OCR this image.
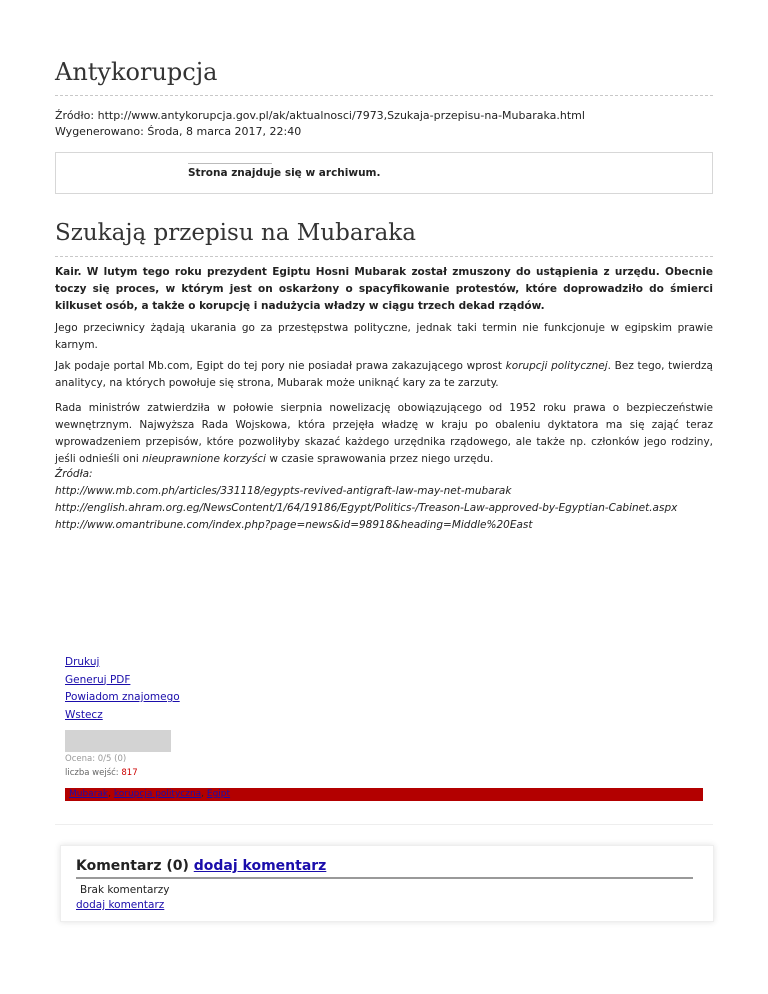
Antykorupcja
Źródło: http://www.antykorupcja.gov.pl/ak/aktualnosci/7973,Szukaja-przepisu-na-Mubaraka.html
Wygenerowano: Środa, 8 marca 2017, 22:40
Strona znajduje się w archiwum.
Szukają przepisu na Mubaraka
Kair. W lutym tego roku prezydent Egiptu Hosni Mubarak został zmuszony do ustąpienia z urzędu. Obecnie toczy się proces, w którym jest on oskarżony o spacyfikowanie protestów, które doprowadziło do śmierci kilkuset osób, a także o korupcję i nadużycia władzy w ciągu trzech dekad rządów.
Jego przeciwnicy żądają ukarania go za przestępstwa polityczne, jednak taki termin nie funkcjonuje w egipskim prawie karnym.
Jak podaje portal Mb.com, Egipt do tej pory nie posiadał prawa zakazującego wprost korupcji politycznej. Bez tego, twierdzą analitycy, na których powołuje się strona, Mubarak może uniknąć kary za te zarzuty.
Rada ministrów zatwierdziła w połowie sierpnia nowelizację obowiązującego od 1952 roku prawa o bezpieczeństwie wewnętrznym. Najwyższa Rada Wojskowa, która przejęła władzę w kraju po obaleniu dyktatora ma się zająć teraz wprowadzeniem przepisów, które pozwoliłyby skazać każdego urzędnika rządowego, ale także np. członków jego rodziny, jeśli odnieśli oni nieuprawnione korzyści w czasie sprawowania przez niego urzędu.
Źródła:
http://www.mb.com.ph/articles/331118/egypts-revived-antigraft-law-may-net-mubarak
http://english.ahram.org.eg/NewsContent/1/64/19186/Egypt/Politics-/Treason-Law-approved-by-Egyptian-Cabinet.aspx
http://www.omantribune.com/index.php?page=news&id=98918&heading=Middle%20East
Drukuj
Generuj PDF
Powiadom znajomego
Wstecz
Ocena: 0/5 (0)
liczba wejść: 817
Mubarak, korupcja polityczna, Egipt
Komentarz (0) dodaj komentarz
Brak komentarzy
dodaj komentarz
